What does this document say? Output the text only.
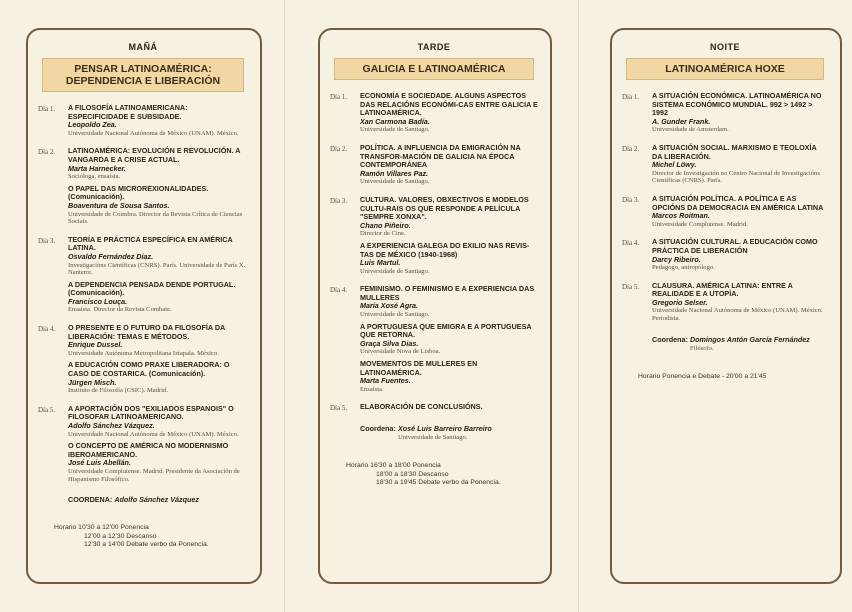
MAÑÁ
PENSAR LATINOAMÉRICA:
DEPENDENCIA E LIBERACIÓN
Día 1.	A FILOSOFÍA LATINOAMERICANA: ESPECIFICIDADE E SUBSIDADE.
Leopoldo Zea.
Universidade Nacional Autónoma de México (UNAM). México.
Día 2.	LATINOAMÉRICA: EVOLUCIÓN E REVOLUCIÓN. A VANGARDA E A CRISE ACTUAL.
Marta Harnecker.
Socióloga, ensaísta.
O PAPEL DAS MICROREXIONALIDADES. (Comunicación).
Boaventura de Sousa Santos.
Universidade de Coimbra. Director da Revista Crítica de Ciencias Sociais.
Día 3.	TEORÍA E PRÁCTICA ESPECÍFICA EN AMÉRICA LATINA.
Osvaldo Fernández Díaz.
Investigacións Científicas (CNRS). París. Universidade de París X. Nanterre.
A DEPENDENCIA PENSADA DENDE PORTUGAL. (Comunicación).
Francisco Louça.
Ensaísta. Director da Revista Combate.
Día 4.	O PRESENTE E O FUTURO DA FILOSOFÍA DA LIBERACIÓN: TEMAS E MÉTODOS.
Enrique Dussel.
Universidade Autónoma Metropolitana Iztapala. México.
A EDUCACIÓN COMO PRAXE LIBERADORA: O CASO DE COSTARICA. (Comunicación).
Jürgen Misch.
Instituto de Filosofía (CSIC). Madrid.
Día 5.	A APORTACIÓN DOS "EXILIADOS ESPANOIS" O FILOSOFAR LATINOAMERICANO.
Adolfo Sánchez Vázquez.
Universidade Nacional Autónoma de México (UNAM). México.
O CONCEPTO DE AMÉRICA NO MODERNISMO IBEROAMERICANO.
José Luis Abellán.
Universidade Complutense. Madrid. Presidente da Asociación de Hispanismo Filosófico.
COORDENA: Adolfo Sánchez Vázquez
Horario 10'30 a 12'00 Ponencia
12'00 a 12'30 Descanso
12'30 a 14'00 Debate verbo da Ponencia.
TARDE
GALICIA E LATINOAMÉRICA
Día 1.	ECONOMÍA E SOCIEDADE. ALGUNS ASPECTOS DAS RELACIÓNS ECONÓMI-CAS ENTRE GALICIA E LATINOAMÉRICA.
Xan Carmona Badía.
Universidade de Santiago.
Día 2.	POLÍTICA. A INFLUENCIA DA EMIGRACIÓN NA TRANSFOR-MACIÓN DE GALICIA NA ÉPOCA CONTEMPORÁNEA
Ramón Villares Paz.
Universidade de Santiago.
Día 3.	CULTURA. VALORES, OBXECTIVOS E MODELOS CULTU-RAIS OS QUE RESPONDE A PELÍCULA "SEMPRE XONXA".
Chano Piñeiro.
Director de Cine.
A EXPERIENCIA GALEGA DO EXILIO NAS REVIS-TAS DE MÉXICO (1940-1968)
Luis Martul.
Universidade de Santiago.
Día 4.	FEMINISMO. O FEMINISMO E A EXPERIENCIA DAS MULLERES
María Xosé Agra.
Universidade de Santiago.
A PORTUGUESA QUE EMIGRA E A PORTUGUESA QUE RETORNA.
Graça Silva Dias.
Universidade Nova de Lisboa.
MOVEMENTOS DE MULLERES EN LATINOAMÉRICA.
Marta Fuentes.
Ensaísta.
Día 5.	ELABORACIÓN DE CONCLUSIÓNS.
Coordena: Xosé Luis Barreiro Barreiro
Universidade de Santiago.
Horario 16'30 a 18'00 Ponencia
18'00 a 18'30 Descanso
18'30 a 19'45 Debate verbo da Ponencia.
NOITE
LATINOAMÉRICA HOXE
Día 1.	A SITUACIÓN ECONÓMICA. LATINOAMÉRICA NO SISTEMA ECONÓMICO MUNDIAL. 992 > 1492 > 1992
A. Gunder Frank.
Universidade de Amsterdam.
Día 2.	A SITUACIÓN SOCIAL. MARXISMO E TEOLOXÍA DA LIBERACIÓN.
Michel Löwy.
Director de Investigación no Centro Nacional de Investigacións Científicas (CNRS). París.
Día 3.	A SITUACIÓN POLÍTICA. A POLÍTICA E AS OPCIÓNS DA DEMOCRACIA EN AMÉRICA LATINA
Marcos Roitman.
Universidade Complutense. Madrid.
Día 4.	A SITUACIÓN CULTURAL. A EDUCACIÓN COMO PRÁCTICA DE LIBERACIÓN
Darcy Ribeiro.
Pedagogo, antropólogo.
Día 5.	CLAUSURA. AMÉRICA LATINA: ENTRE A REALIDADE E A UTOPÍA.
Gregorio Selser.
Universidade Nacional Autónoma de México (UNAM). México. Periodista.
Coordena: Domingos Antón García Fernández
Filósofo.
Horario Ponencia e Debate - 20'00 a 21'45
